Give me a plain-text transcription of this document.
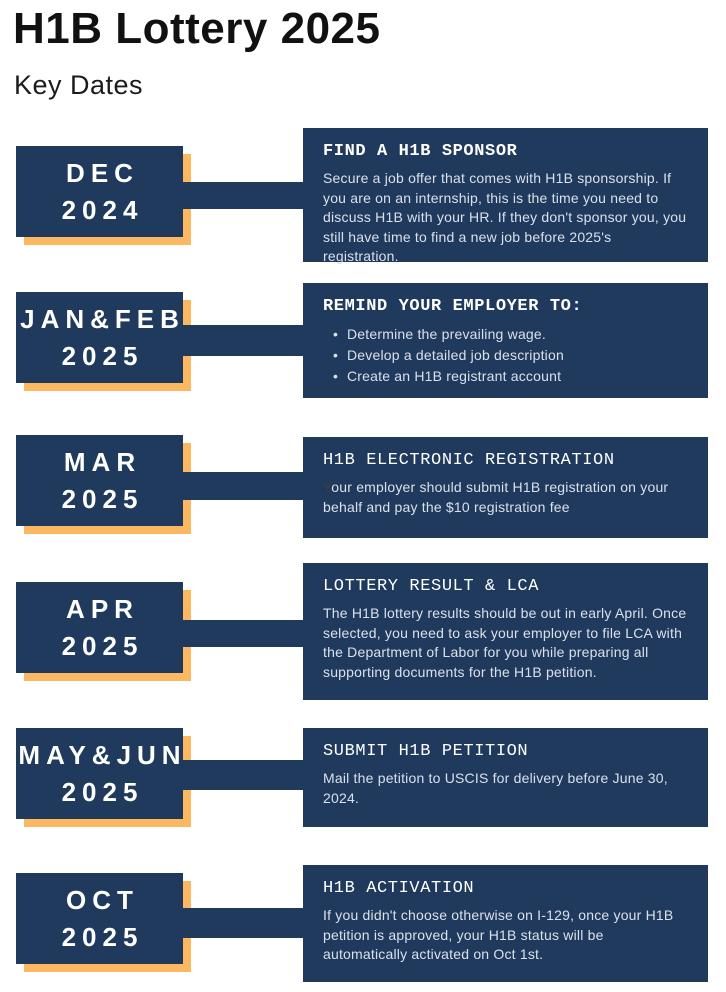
H1B Lottery 2025
Key Dates
DEC
2024
FIND A H1B SPONSOR

Secure a job offer that comes with H1B sponsorship. If you are on an internship, this is the time you need to discuss H1B with your HR. If they don't sponsor you, you still have time to find a new job before 2025's registration.

JAN&FEB
2025
REMIND YOUR EMPLOYER TO:
• Determine the prevailing wage.
• Develop a detailed job description
• Create an H1B registrant account
MAR
2025
H1B ELECTRONIC REGISTRATION

Your employer should submit H1B registration on your behalf and pay the $10 registration fee

APR
2025
LOTTERY RESULT & LCA

The H1B lottery results should be out in early April. Once selected, you need to ask your employer to file LCA with the Department of Labor for you while preparing all supporting documents for the H1B petition.

MAY&JUN
2025
SUBMIT H1B PETITION

Mail the petition to USCIS for delivery before June 30, 2024.

OCT
2025
H1B ACTIVATION

If you didn't choose otherwise on I-129, once your H1B petition is approved, your H1B status will be automatically activated on Oct 1st.
